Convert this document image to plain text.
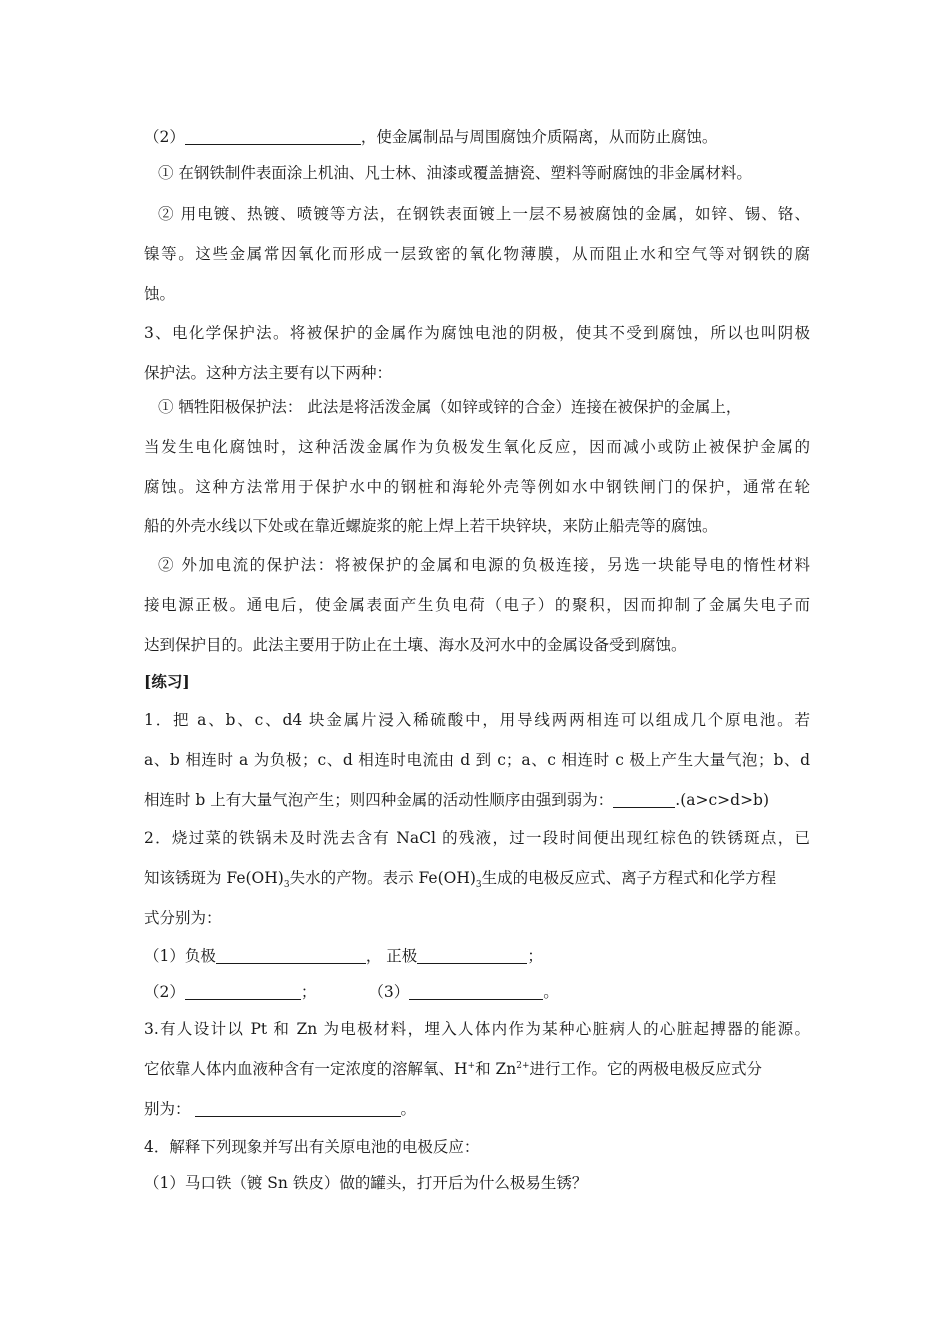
（2）	，使金属制品与周围腐蚀介质隔离，从而防止腐蚀。
① 在钢铁制件表面涂上机油、凡士林、油漆或覆盖搪瓷、塑料等耐腐蚀的非金属材料。
② 用电镀、热镀、喷镀等方法，在钢铁表面镀上一层不易被腐蚀的金属，如锌、锡、铬、
镍等。这些金属常因氧化而形成一层致密的氧化物薄膜，从而阻止水和空气等对钢铁的腐
蚀。
3、电化学保护法。将被保护的金属作为腐蚀电池的阴极，使其不受到腐蚀，所以也叫阴极
保护法。这种方法主要有以下两种：
① 牺牲阳极保护法： 此法是将活泼金属（如锌或锌的合金）连接在被保护的金属上，
当发生电化腐蚀时，这种活泼金属作为负极发生氧化反应，因而减小或防止被保护金属的
腐蚀。这种方法常用于保护水中的钢桩和海轮外壳等例如水中钢铁闸门的保护，通常在轮
船的外壳水线以下处或在靠近螺旋浆的舵上焊上若干块锌块，来防止船壳等的腐蚀。
② 外加电流的保护法：将被保护的金属和电源的负极连接，另选一块能导电的惰性材料
接电源正极。通电后，使金属表面产生负电荷（电子）的聚积，因而抑制了金属失电子而
达到保护目的。此法主要用于防止在土壤、海水及河水中的金属设备受到腐蚀。
[练习]
1．把 a、b、c、d4 块金属片浸入稀硫酸中，用导线两两相连可以组成几个原电池。若
a、b 相连时 a 为负极；c、d 相连时电流由 d 到 c；a、c 相连时 c 极上产生大量气泡；b、d
相连时 b 上有大量气泡产生；则四种金属的活动性顺序由强到弱为：	.(a>c>d>b)
2．烧过菜的铁锅未及时洗去含有 NaCl 的残液，过一段时间便出现红棕色的铁锈斑点，已
知该锈斑为 $Fe(OH)_3$失水的产物。表示 $Fe(OH)_3$生成的电极反应式、离子方程式和化学方程
式分别为：
（1）负极	， 正极	；
（2）	；	（3）	。
3.有人设计以 Pt 和 Zn 为电极材料，埋入人体内作为某种心脏病人的心脏起搏器的能源。
它依靠人体内血液种含有一定浓度的溶解氧、H+和 $Zn^{2+}$进行工作。它的两极电极反应式分
别为：	。
4．解释下列现象并写出有关原电池的电极反应：
（1）马口铁（镀 Sn 铁皮）做的罐头，打开后为什么极易生锈？
